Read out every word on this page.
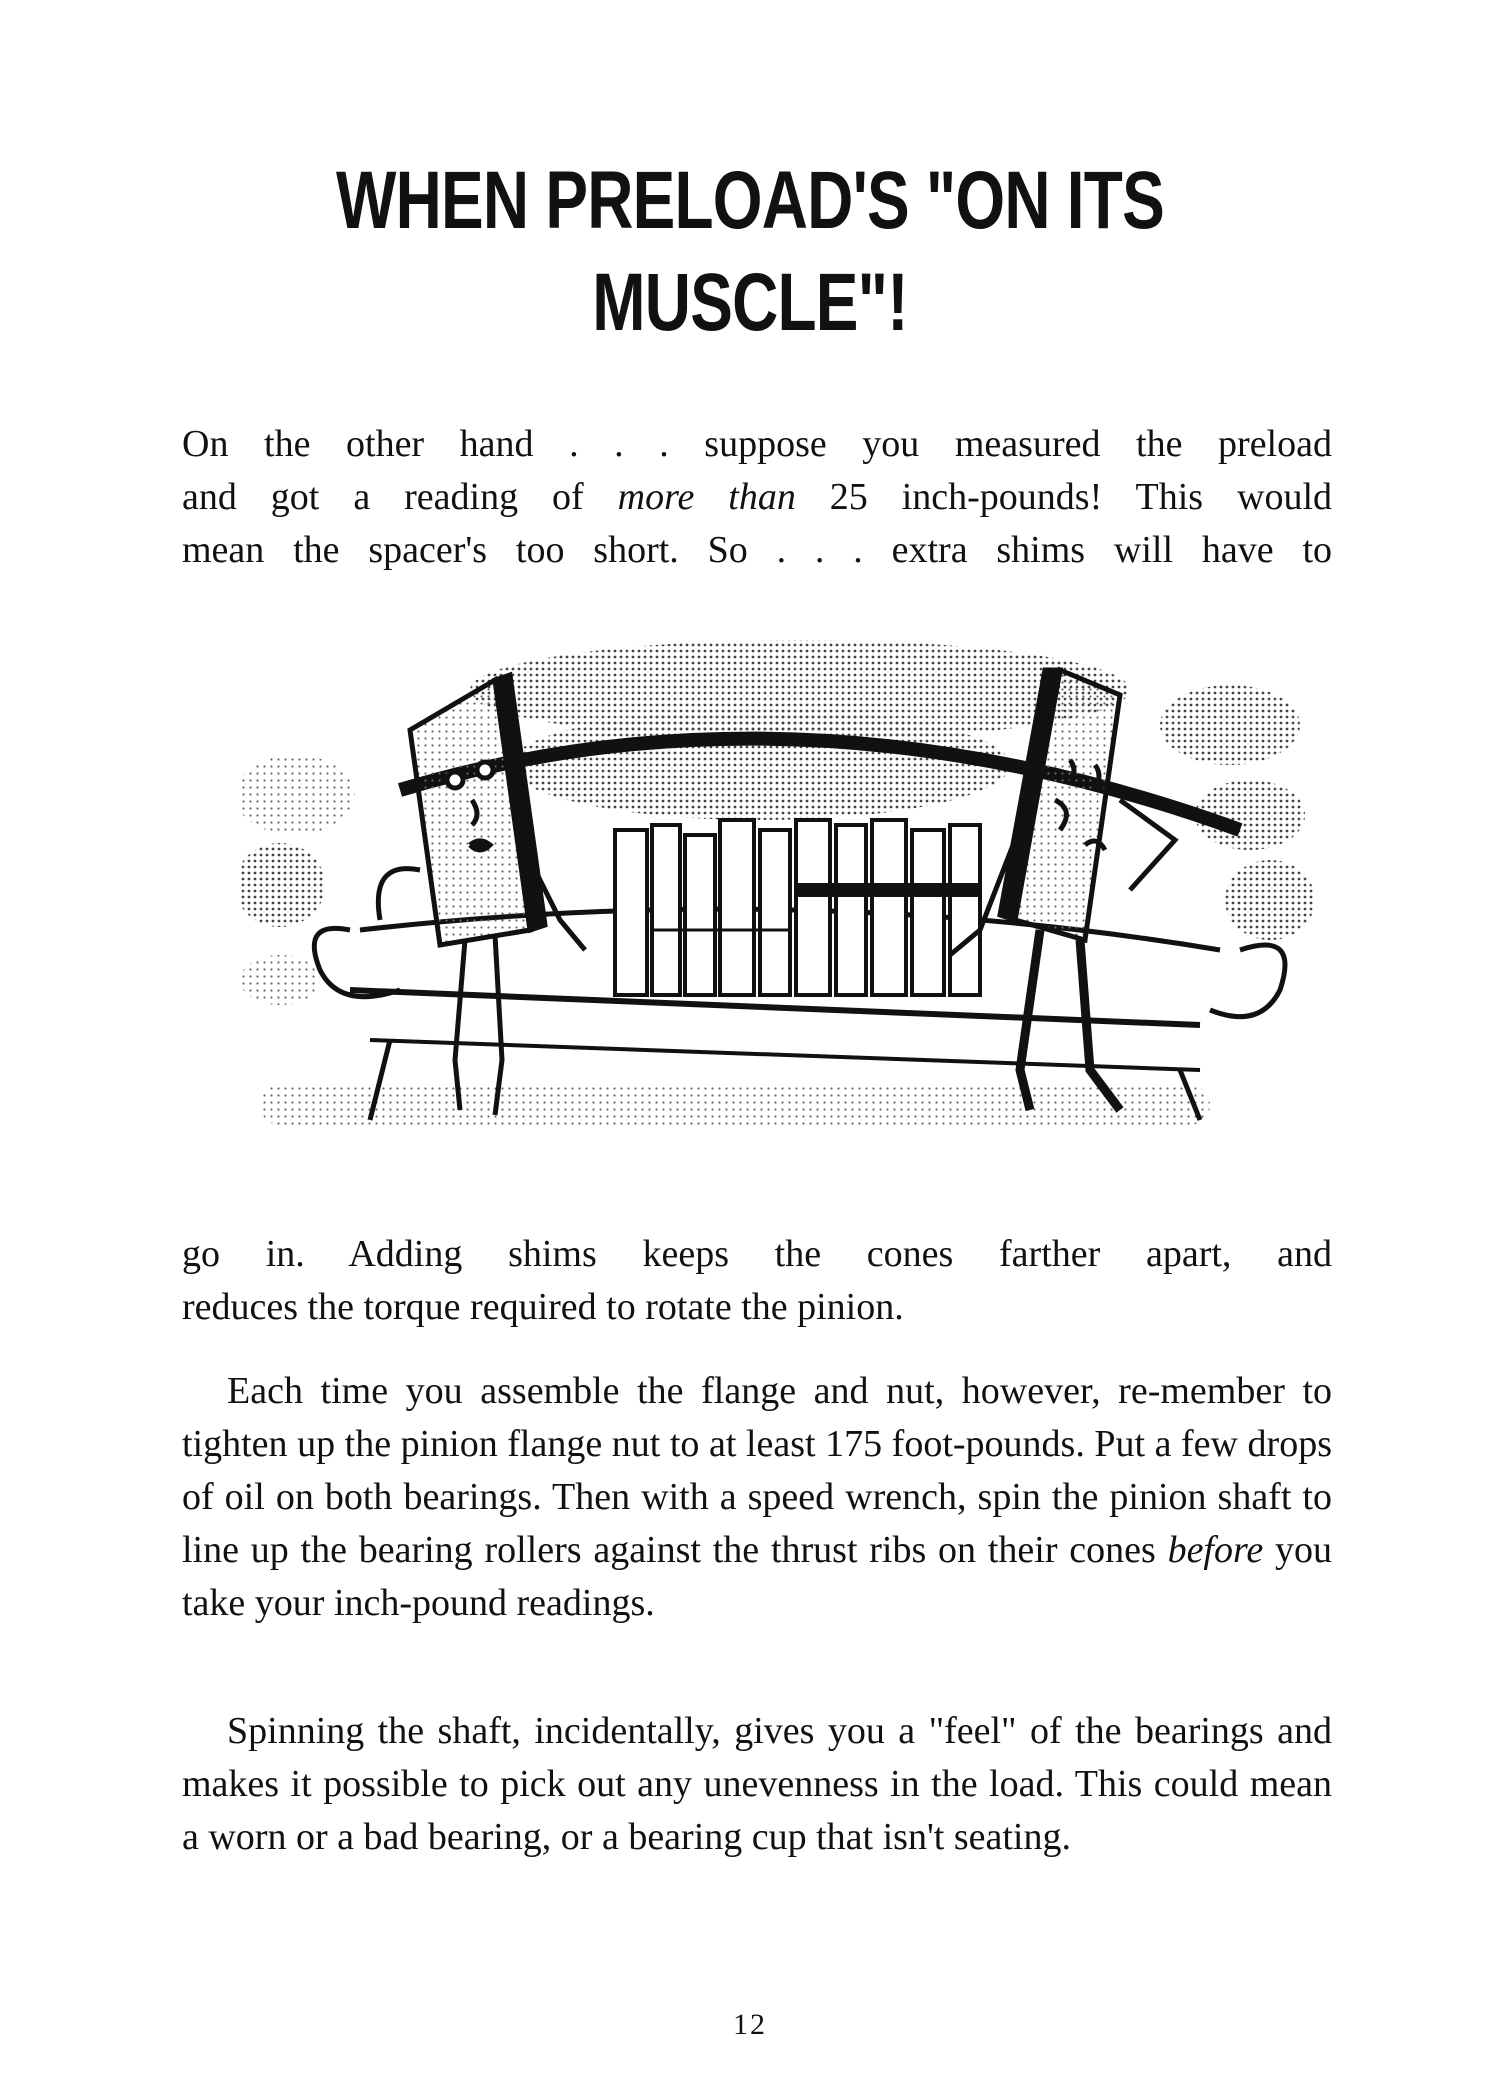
WHEN PRELOAD'S "ON ITS
MUSCLE"!

On the other hand . . . suppose you measured the preload
and got a reading of more than 25 inch-pounds! This would
mean the spacer's too short. So . . . extra shims will have to

go in. Adding shims keeps the cones farther apart, and
reduces the torque required to rotate the pinion.

Each time you assemble the flange and nut, however, re-member to tighten up the pinion flange nut to at least 175 foot-pounds. Put a few drops of oil on both bearings. Then with a speed wrench, spin the pinion shaft to line up the bearing rollers against the thrust ribs on their cones before you take your inch-pound readings.

Spinning the shaft, incidentally, gives you a "feel" of the bearings and makes it possible to pick out any unevenness in the load. This could mean a worn or a bad bearing, or a bearing cup that isn't seating.

12
